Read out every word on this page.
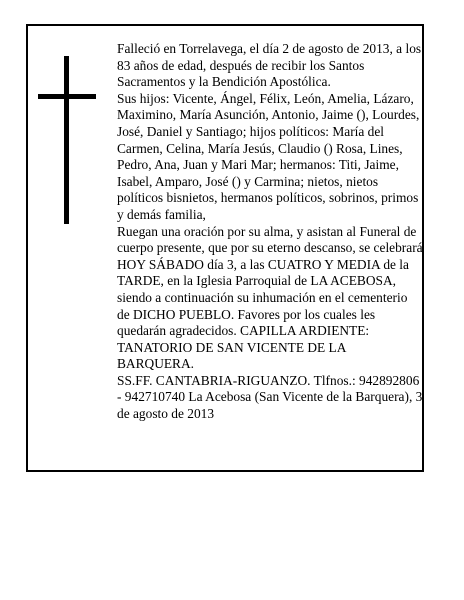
Falleció en Torrelavega, el día 2 de agosto de 2013, a los 83 años de edad, después de recibir los Santos Sacramentos y la Bendición Apostólica.

Sus hijos: Vicente, Ángel, Félix, León, Amelia, Lázaro, Maximino, María Asunción, Antonio, Jaime (), Lourdes, José, Daniel y Santiago; hijos políticos: María del Carmen, Celina, María Jesús, Claudio () Rosa, Lines, Pedro, Ana, Juan y Mari Mar; hermanos: Titi, Jaime, Isabel, Amparo, José () y Carmina; nietos, nietos políticos bisnietos, hermanos políticos, sobrinos, primos y demás familia,

Ruegan una oración por su alma, y asistan al Funeral de cuerpo presente, que por su eterno descanso, se celebrará HOY SÁBADO día 3, a las CUATRO Y MEDIA de la TARDE, en la Iglesia Parroquial de LA ACEBOSA, siendo a continuación su inhumación en el cementerio de DICHO PUEBLO. Favores por los cuales les quedarán agradecidos. CAPILLA ARDIENTE: TANATORIO DE SAN VICENTE DE LA BARQUERA.

SS.FF. CANTABRIA-RIGUANZO. Tlfnos.: 942892806 - 942710740 La Acebosa (San Vicente de la Barquera), 3 de agosto de 2013
